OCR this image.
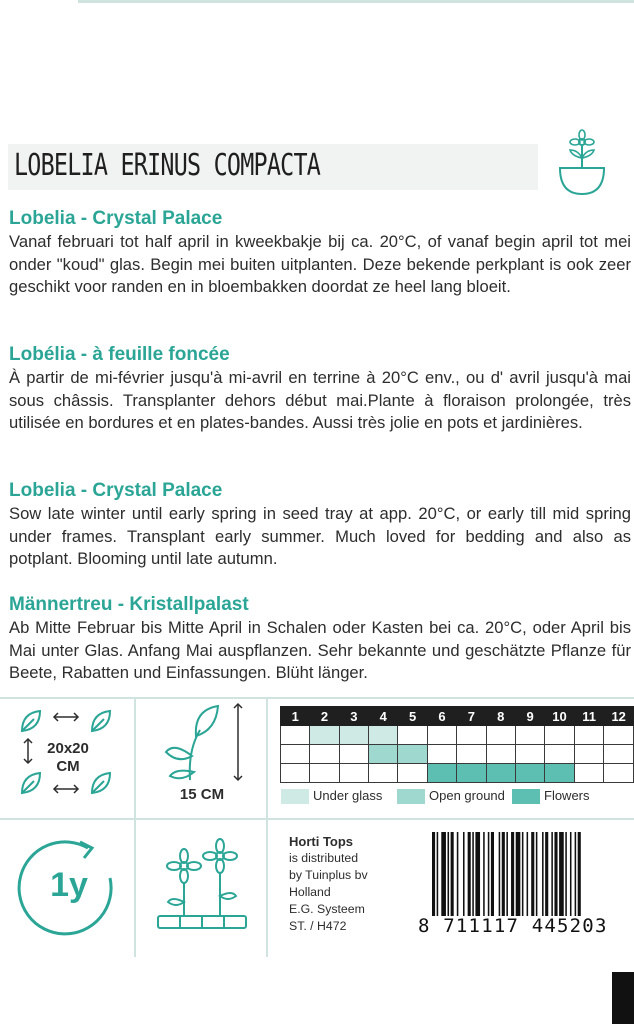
LOBELIA ERINUS COMPACTA
Lobelia - Crystal Palace

Vanaf februari tot half april in kweekbakje bij ca. 20°C, of vanaf begin april tot mei onder "koud" glas. Begin mei buiten uitplanten. Deze bekende perkplant is ook zeer geschikt voor randen en in bloembakken doordat ze heel lang bloeit.

Lobélia - à feuille foncée

À partir de mi-février jusqu'à mi-avril en terrine à 20°C env., ou d' avril jusqu'à mai sous châssis. Transplanter dehors début mai.Plante à floraison prolongée, très utilisée en bordures et en plates-bandes. Aussi très jolie en pots et jardinières.

Lobelia - Crystal Palace

Sow late winter until early spring in seed tray at app. 20°C, or early till mid spring under frames. Transplant early summer. Much loved for bedding and also as potplant. Blooming until late autumn.

Männertreu - Kristallpalast

Ab Mitte Februar bis Mitte April in Schalen oder Kasten bei ca. 20°C, oder April bis Mai unter Glas. Anfang Mai auspflanzen. Sehr bekannte und geschätzte Pflanze für Beete, Rabatten und Einfassungen. Blüht länger.

20x20
CM
15 CM
1	2	3	4	5	6	7	8	9	10	11	12

Under glass	Open ground	Flowers
1y
Horti Tops
is distributed
by Tuinplus bv
Holland
E.G. Systeem
ST. / H472	8 711117 445203
